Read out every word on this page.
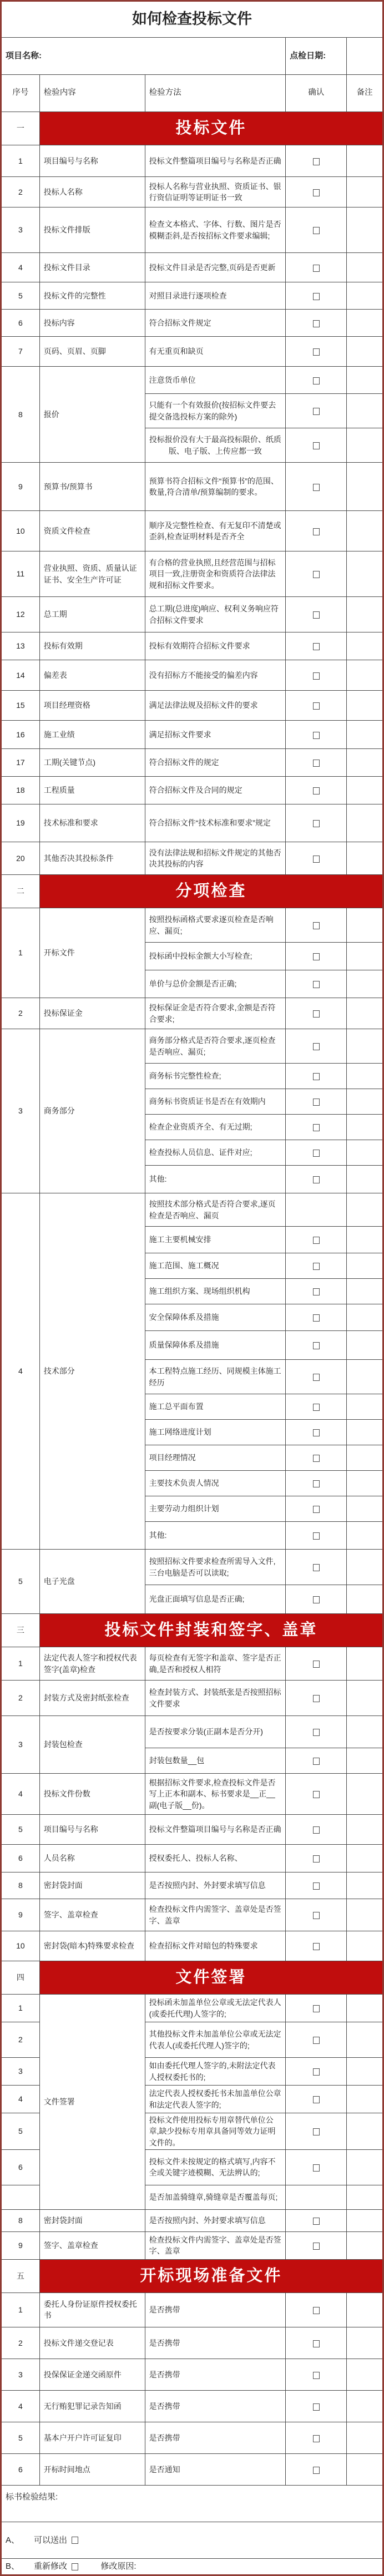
如何检查投标文件				
项目名称:			点检日期:	
序号	检验内容	检验方法	确认	备注
一	投标文件			
1	项目编号与名称	投标文件整篇项目编号与名称是否正确		
2	投标人名称	投标人名称与营业执照、资质证书、银行资信证明等证明证书一致		
3	投标文件排版	检查文本格式、字体、行数、图片是否模糊歪斜,是否按招标文件要求编辑;		
4	投标文件目录	投标文件目录是否完整,页码是否更新		
5	投标文件的完整性	对照目录进行逐项检查		
6	投标内容	符合招标文件规定		
7	页码、页眉、页脚	有无重页和缺页		
8	报价	注意货币单位		
		只能有一个有效报价(按招标文件要去提交备选投标方案的除外)		
		投标报价没有大于最高投标限价、纸质版、电子版、上传应都一致		
9	预算书/预算书	预算书符合招标文件“预算书”的范围、数量,符合清单/预算编制的要求。		
10	资质文件检查	顺序及完整性检查、有无复印不清楚或歪斜,检查证明材料是否齐全		
11	营业执照、资质、质量认证证书、安全生产许可证	有合格的营业执照,且经营范围与招标项目一致,注册资金和资质符合法律法规和招标文件要求。		
12	总工期	总工期(总进度)响应、权利义务响应符合招标文件要求		
13	投标有效期	投标有效期符合招标文件要求		
14	偏差表	没有招标方不能接受的偏差内容		
15	项目经理资格	满足法律法规及招标文件的要求		
16	施工业绩	满足招标文件要求		
17	工期(关键节点)	符合招标文件的规定		
18	工程质量	符合招标文件及合同的规定		
19	技术标准和要求	符合招标文件“技术标准和要求”规定		
20	其他否决其投标条件	没有法律法规和招标文件规定的其他否决其投标的内容		
二	分项检查			
1	开标文件	按照投标函格式要求逐页检查是否响应、漏页;		
		投标函中投标金额大小写检查;		
		单价与总价金额是否正确;		
2	投标保证金	投标保证金是否符合要求,金额是否符合要求;		
3	商务部分	商务部分格式是否符合要求,逐页检查是否响应、漏页;		
		商务标书完整性检查;		
		商务标书资质证书是否在有效期内		
		检查企业资质齐全、有无过期;		
		检查投标人员信息、证件对应;		
		其他:		
4	技术部分	按照技术部分格式是否符合要求,逐页检查是否响应、漏页		
		施工主要机械安排		
		施工范围、施工概况		
		施工组织方案、现场组织机构		
		安全保障体系及措施		
		质量保障体系及措施		
		本工程特点施工经历、同规模主体施工经历		
		施工总平面布置		
		施工网络进度计划		
		项目经理情况		
		主要技术负责人情况		
		主要劳动力组织计划		
		其他:		
5	电子光盘	按照招标文件要求检查所需导入文件,三台电脑是否可以读取;		
		光盘正面填写信息是否正确;		
三	投标文件封装和签字、盖章			
1	法定代表人签字和授权代表签字(盖章)检查	每页检查有无签字和盖章、签字是否正确,是否和授权人相符		
2	封装方式及密封纸张检查	检查封装方式、封装纸张是否按照招标文件要求		
3	封装包检查	是否按要求分装(正副本是否分开)		
		封装包数量__包		
4	投标文件份数	根据招标文件要求,检查投标文件是否写上正本和副本、标书要求是__正__副(电子版__份)。		
5	项目编号与名称	投标文件整篇项目编号与名称是否正确		
6	人员名称	授权委托人、投标人名称、		
8	密封袋封面	是否按照内封、外封要求填写信息		
9	签字、盖章检查	检查投标文件内需签字、盖章处是否签字、盖章		
10	密封袋(暗本)特殊要求检查	检查招标文件对暗包的特殊要求		
四	文件签署			
1	文件签署	投标函未加盖单位公章或无法定代表人(或委托代理)人签字的;		
2		其他投标文件未加盖单位公章或无法定代表人(或委托代理人)签字的;		
3		如由委托代理人签字的,未附法定代表人授权委托书的;		
4		法定代表人授权委托书未加盖单位公章和法定代表人签字的;		
5		投标文件使用投标专用章替代单位公章,缺少投标专用章具备同等效力证明文件的。		
6		投标文件未按规定的格式填写,内容不全或关键字迹模糊、无法辨认的;		
		是否加盖骑缝章,骑缝章是否覆盖每页;		
8	密封袋封面	是否按照内封、外封要求填写信息		
9	签字、盖章检查	检查投标文件内需签字、盖章处是否签字、盖章		
五	开标现场准备文件			
1	委托人身份证原件授权委托书	是否携带		
2	投标文件递交登记表	是否携带		
3	投保保证金递交函原件	是否携带		
4	无行贿犯罪记录告知函	是否携带		
5	基本户开户许可证复印	是否携带		
6	开标时间地点	是否通知		
标书检验结果:				
A、 可以送出				
B、 重新修改 修改原因:				
